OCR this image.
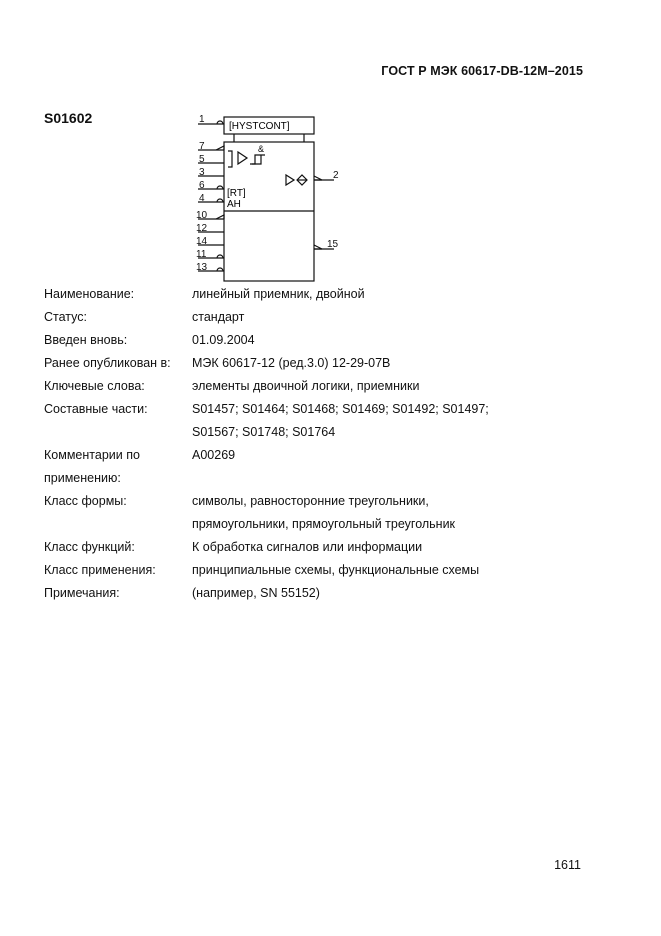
ГОСТ Р МЭК 60617-DB-12M–2015
S01602
[HYSTCONT]
&
[RT]
AH
1
7
5
3
6
4
10
12
14
11
13
2
15
Наименование:	линейный приемник, двойной
Статус:	стандарт
Введен вновь:	01.09.2004
Ранее опубликован в:	МЭК 60617-12 (ред.3.0) 12-29-07B
Ключевые слова:	элементы двоичной логики, приемники
Составные части:	S01457; S01464; S01468; S01469; S01492; S01497;
S01567; S01748; S01764
Комментарии по
применению:
A00269
Класс формы:	символы, равносторонние треугольники,
прямоугольники, прямоугольный треугольник
Класс функций:	К обработка сигналов или информации
Класс применения:	принципиальные схемы, функциональные схемы
Примечания:	(например, SN 55152)
1611
